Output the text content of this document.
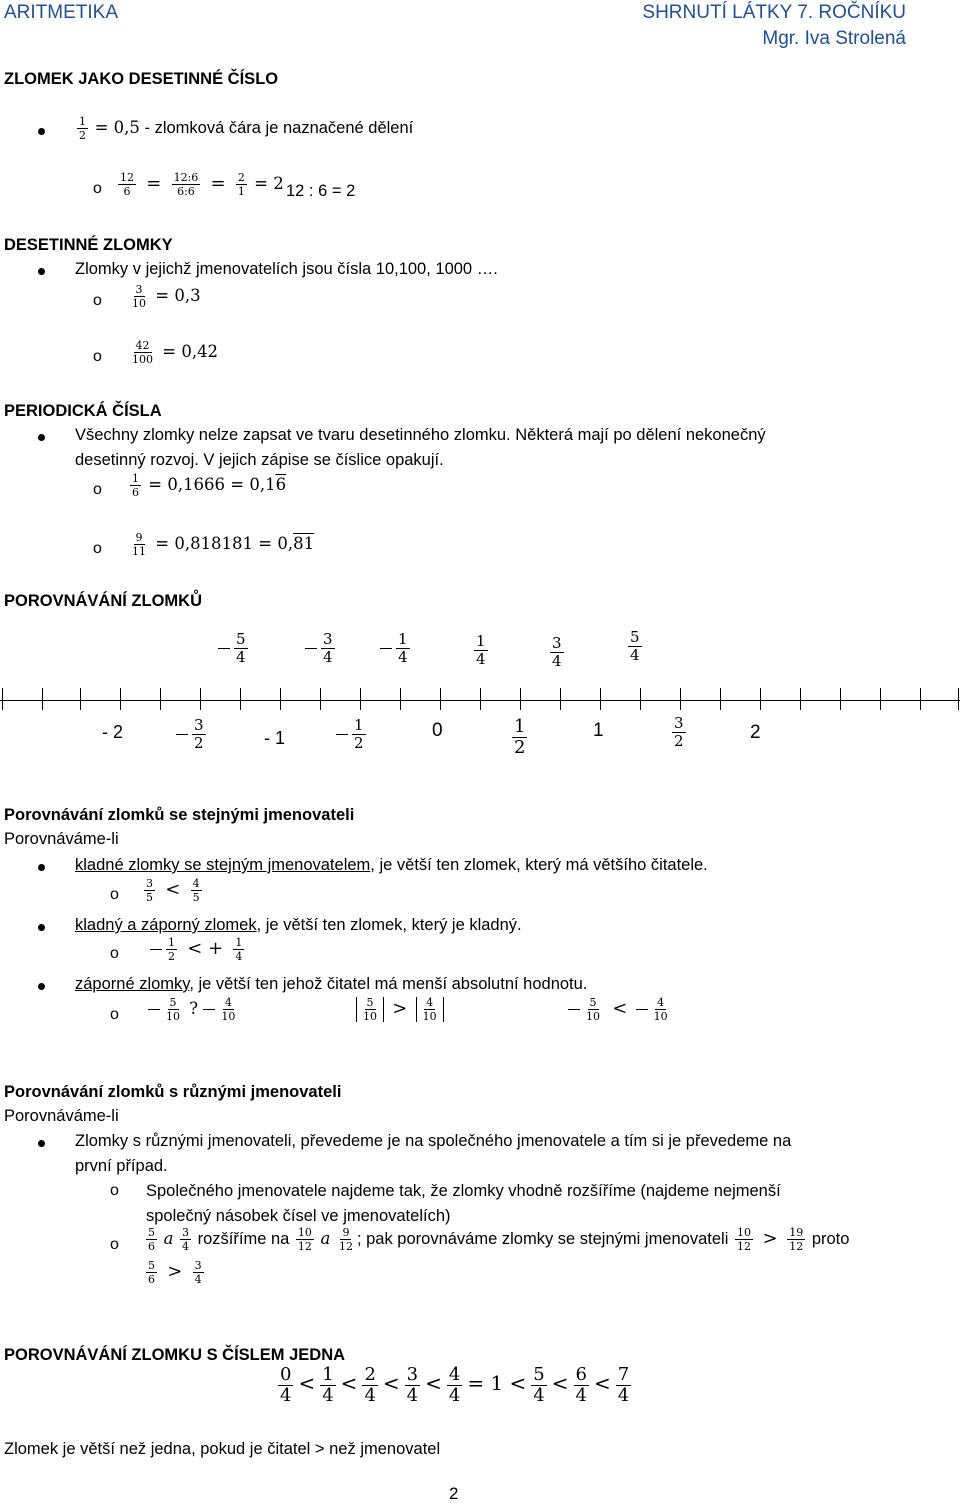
ARITMETIKA	SHRNUTÍ LÁTKY 7. ROČNÍKU
Mgr. Iva Strolená
ZLOMEK JAKO DESETINNÉ ČÍSLO
$\frac{1}{2} = 0,5$ - zlomková čára je naznačené dělení
o $\frac{12}{6} = \frac{12:6}{6:6} = \frac{2}{1} = 2$ 12 : 6 = 2
DESETINNÉ ZLOMKY
Zlomky v jejichž jmenovatelích jsou čísla 10,100, 1000 ….
o	$\frac{3}{10} = 0,3$
o	$\frac{42}{100} = 0,42$
PERIODICKÁ ČÍSLA
Všechny zlomky nelze zapsat ve tvaru desetinného zlomku. Některá mají po dělení nekonečný
desetinný rozvoj. V jejich zápise se číslice opakují.
o	$\frac{1}{6} = 0,1666 = 0,16$
o	$\frac{9}{11} = 0,818181 = 0,81$
POROVNÁVÁNÍ ZLOMKŮ
$\frac{5}{4}$	$\frac{3}{4}$	$\frac{1}{4}$	$\frac{1}{4}$	$\frac{3}{4}$	$\frac{5}{4}$
- 2	$\frac{3}{2}$	- 1	$\frac{1}{2}$	0	$\frac{1}{2}$	1	$\frac{3}{2}$	2
Porovnávání zlomků se stejnými jmenovateli
Porovnáváme-li
kladné zlomky se stejným jmenovatelem, je větší ten zlomek, který má většího čitatele.
o $\frac{3}{5} < \frac{4}{5}$
kladný a záporný zlomek, je větší ten zlomek, který je kladný.
o	$\frac{1}{2}$ < + $\frac{1}{4}$
záporné zlomky, je větší ten jehož čitatel má menší absolutní hodnotu.
o	$\frac{5}{10}$ ? $\frac{4}{10}$	$\frac{5}{10} > \frac{4}{10}$	$\frac{5}{10} < \frac{4}{10}$
Porovnávání zlomků s různými jmenovateli
Porovnáváme-li
Zlomky s různými jmenovateli, převedeme je na společného jmenovatele a tím si je převedeme na
první případ.
o Společného jmenovatele najdeme tak, že zlomky vhodně rozšíříme (najdeme nejmenší
společný násobek čísel ve jmenovatelích)
o $\frac{5}{6}$ a $\frac{3}{4}$ rozšíříme na $\frac{10}{12}$ a $\frac{9}{12}$ ; pak porovnáváme zlomky se stejnými jmenovateli $\frac{10}{12} > \frac{19}{12}$ proto
$\frac{5}{6} > \frac{3}{4}$
POROVNÁVÁNÍ ZLOMKU S ČÍSLEM JEDNA
$\frac{0}{4} < \frac{1}{4} < \frac{2}{4} < \frac{3}{4} < \frac{4}{4} = 1 < \frac{5}{4} < \frac{6}{4} < \frac{7}{4}$
Zlomek je větší než jedna, pokud je čitatel > než jmenovatel
2
